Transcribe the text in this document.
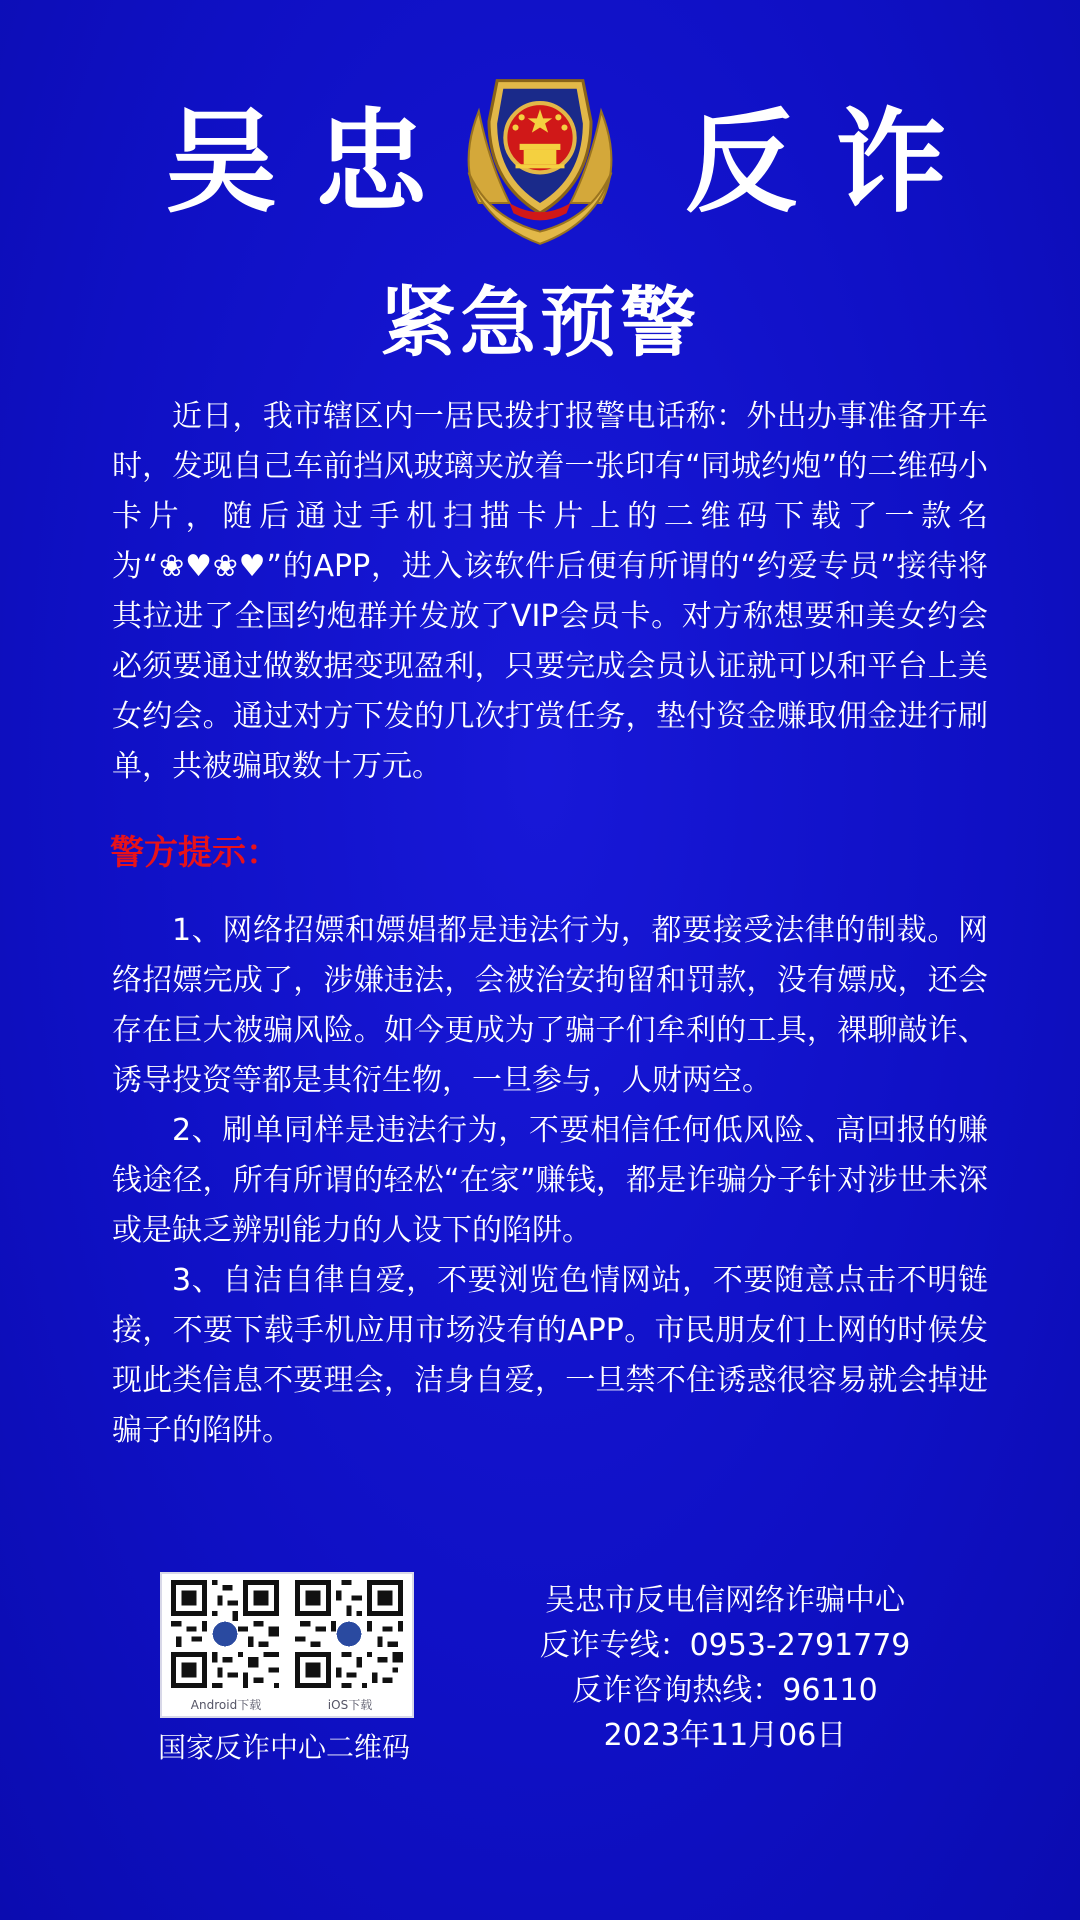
吴忠 反诈
紧急预警

近日，我市辖区内一居民拨打报警电话称：外出办事准备开车时，发现自己车前挡风玻璃夹放着一张印有“同城约炮”的二维码小卡片，随后通过手机扫描卡片上的二维码下载了一款名为“❀♥❀♥”的APP，进入该软件后便有所谓的“约爱专员”接待将其拉进了全国约炮群并发放了VIP会员卡。对方称想要和美女约会必须要通过做数据变现盈利，只要完成会员认证就可以和平台上美女约会。通过对方下发的几次打赏任务，垫付资金赚取佣金进行刷单，共被骗取数十万元。

警方提示：

1、网络招嫖和嫖娼都是违法行为，都要接受法律的制裁。网络招嫖完成了，涉嫌违法，会被治安拘留和罚款，没有嫖成，还会存在巨大被骗风险。如今更成为了骗子们牟利的工具，裸聊敲诈、诱导投资等都是其衍生物，一旦参与，人财两空。

2、刷单同样是违法行为，不要相信任何低风险、高回报的赚钱途径，所有所谓的轻松“在家”赚钱，都是诈骗分子针对涉世未深或是缺乏辨别能力的人设下的陷阱。

3、自洁自律自爱，不要浏览色情网站，不要随意点击不明链接，不要下载手机应用市场没有的APP。市民朋友们上网的时候发现此类信息不要理会，洁身自爱，一旦禁不住诱惑很容易就会掉进骗子的陷阱。

Android下载	iOS下载
国家反诈中心二维码
吴忠市反电信网络诈骗中心
反诈专线：0953-2791779
反诈咨询热线：96110
2023年11月06日
